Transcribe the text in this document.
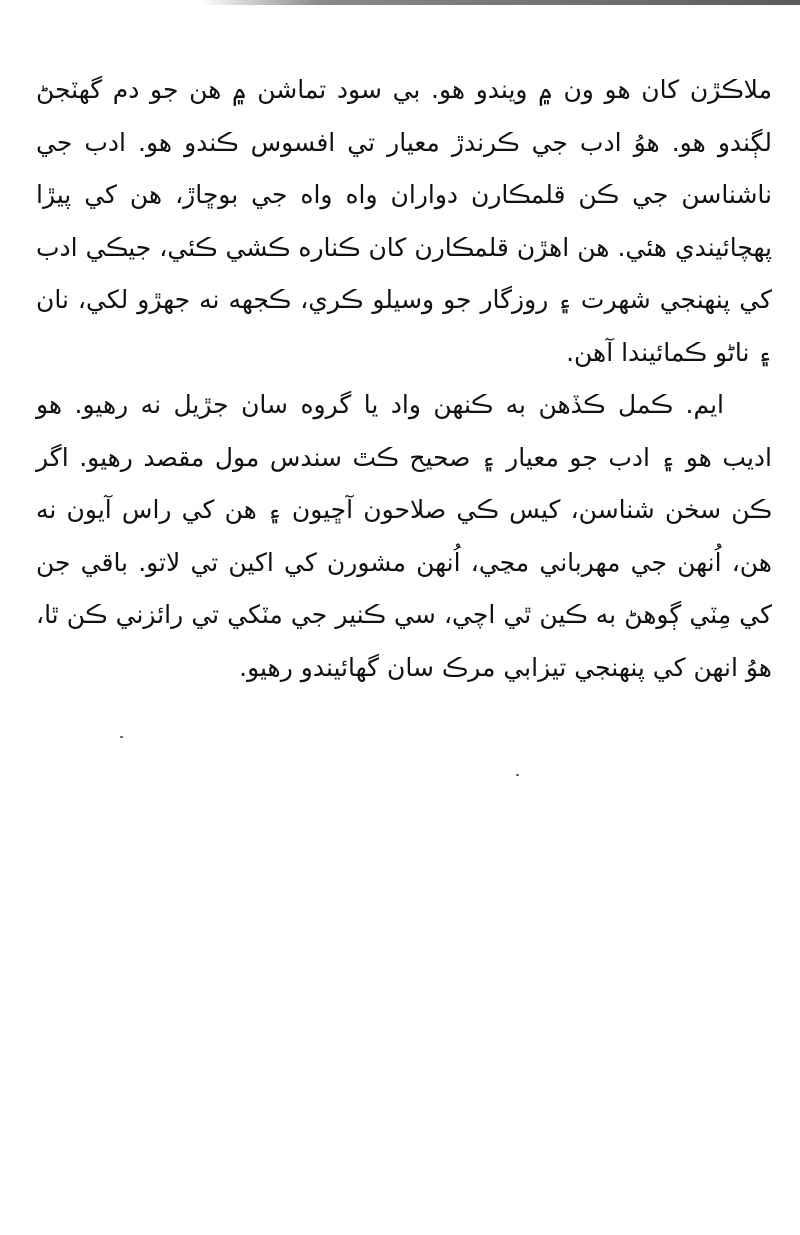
ملاڪڙن کان هو ون ۾ ويندو هو. بي سود تماشن ۾ هن جو دم گهٽجڻ لڳندو هو. هوُ ادب جي ڪرندڙ معيار تي افسوس ڪندو هو. ادب جي ناشناسن جي ڪن قلمڪارن دواران واه واه جي بوڇاڙ، هن کي پيڙا پهچائيندي هئي. هن اهڙن قلمڪارن کان ڪناره ڪشي ڪئي، جيڪي ادب کي پنهنجي شهرت ۽ روزگار جو وسيلو ڪري، ڪجهه نه جهڙو لکي، نان ۽ ناڻو ڪمائيندا آهن.

ايم. ڪمل ڪڏهن به ڪنهن واد يا گروه سان جڙيل نه رهيو. هو اديب هو ۽ ادب جو معيار ۽ صحيح ڪٿ سندس مول مقصد رهيو. اگر ڪن سخن شناسن، کيس ڪي صلاحون آڇيون ۽ هن کي راس آيون نه هن، اُنهن جي مهرباني مڃي، اُنهن مشورن کي اکين تي لاتو. باقي جن کي مِٽي ڳوهڻ به ڪين ٿي اچي، سي ڪنير جي مٽکي تي رائزني ڪن ٿا، هوُ انهن کي پنهنجي تيزابي مرڪ سان گهائيندو رهيو.
